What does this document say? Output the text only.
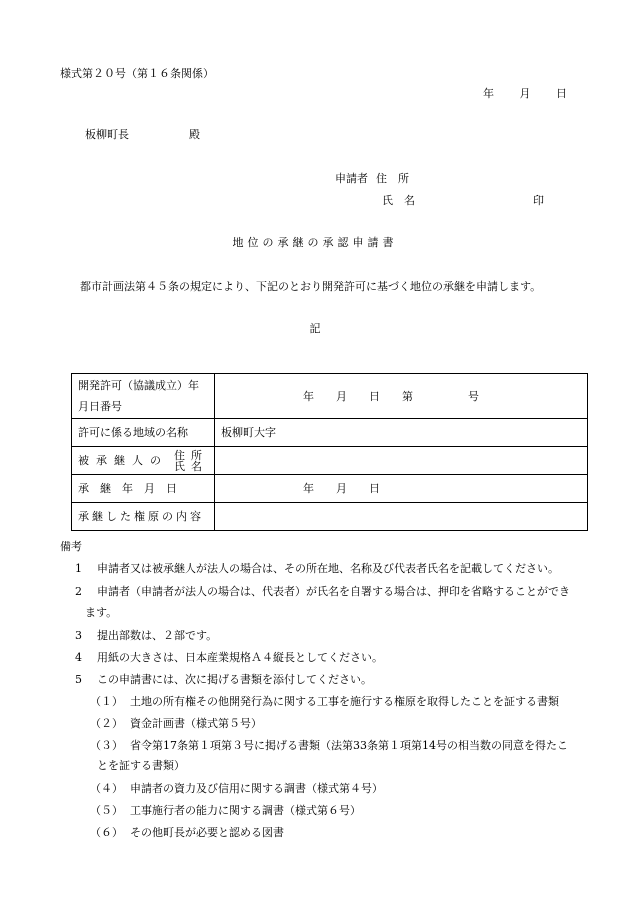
様式第２０号（第１６条関係）
年 月 日
板柳町長	殿
申請者 住　所
氏　名	印
地位の承継の承認申請書
都市計画法第４５条の規定により、下記のとおり開発許可に基づく地位の承継を申請します。
記
開発許可（協議成立）年
月日番号	年　　月　　日　　第　　　　　号
許可に係る地域の名称	板柳町大字

被承継人の 住所
氏名	

承　継　年　月　日	年　　月　　日
承継した権原の内容	
備考
1 申請者又は被承継人が法人の場合は、その所在地、名称及び代表者氏名を記載してください。
2 申請者（申請者が法人の場合は、代表者）が氏名を自署する場合は、押印を省略することができ
ます。
3 提出部数は、２部です。
4 用紙の大きさは、日本産業規格Ａ４縦長としてください。
5 この申請書には、次に掲げる書類を添付してください。
（１） 土地の所有権その他開発行為に関する工事を施行する権原を取得したことを証する書類
（２） 資金計画書（様式第５号）
（３） 省令第17条第１項第３号に掲げる書類（法第33条第１項第14号の相当数の同意を得たこ
とを証する書類）
（４） 申請者の資力及び信用に関する調書（様式第４号）
（５） 工事施行者の能力に関する調書（様式第６号）
（６） その他町長が必要と認める図書
